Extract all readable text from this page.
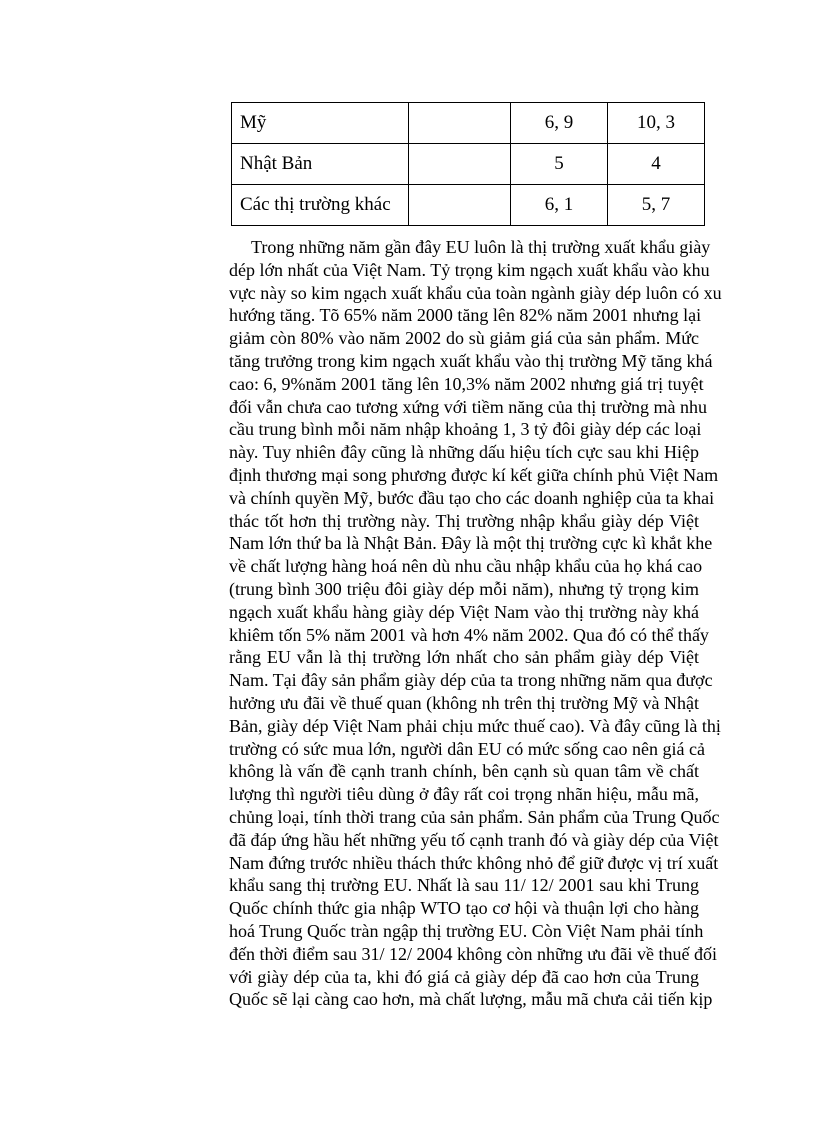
Mỹ		6, 9	10, 3
Nhật Bản		5	4
Các thị trường khác		6, 1	5, 7
Trong những năm gần đây EU luôn là thị trường xuất khẩu giày
dép lớn nhất của Việt Nam. Tỷ trọng kim ngạch xuất khẩu vào khu
vực này so kim ngạch xuất khẩu của toàn ngành giày dép luôn có xu
hướng tăng. Tõ 65% năm 2000 tăng lên 82% năm 2001 nhưng lại
giảm còn 80% vào năm 2002 do sù giảm giá của sản phẩm. Mức
tăng trưởng trong kim ngạch xuất khẩu vào thị trường Mỹ tăng khá
cao: 6, 9%năm 2001 tăng lên 10,3% năm 2002 nhưng giá trị tuyệt
đối vẫn chưa cao tương xứng với tiềm năng của thị trường mà nhu
cầu trung bình mỗi năm nhập khoảng 1, 3 tỷ đôi giày dép các loại
này. Tuy nhiên đây cũng là những dấu hiệu tích cực sau khi Hiệp
định thương mại song phương được kí kết giữa chính phủ Việt Nam
và chính quyền Mỹ, bước đầu tạo cho các doanh nghiệp của ta khai
thác tốt hơn thị trường này. Thị trường nhập khẩu giày dép Việt
Nam lớn thứ ba là Nhật Bản. Đây là một thị trường cực kì khắt khe
về chất lượng hàng hoá nên dù nhu cầu nhập khẩu của họ khá cao
(trung bình 300 triệu đôi giày dép mỗi năm), nhưng tỷ trọng kim
ngạch xuất khẩu hàng giày dép Việt Nam vào thị trường này khá
khiêm tốn 5% năm 2001 và hơn 4% năm 2002. Qua đó có thể thấy
rằng EU vẫn là thị trường lớn nhất cho sản phẩm giày dép Việt
Nam. Tại đây sản phẩm giày dép của ta trong những năm qua được
hưởng ưu đãi về thuế quan (không nh trên thị trường Mỹ và Nhật
Bản, giày dép Việt Nam phải chịu mức thuế cao). Và đây cũng là thị
trường có sức mua lớn, người dân EU có mức sống cao nên giá cả
không là vấn đề cạnh tranh chính, bên cạnh sù quan tâm về chất
lượng thì người tiêu dùng ở đây rất coi trọng nhãn hiệu, mẫu mã,
chủng loại, tính thời trang của sản phẩm. Sản phẩm của Trung Quốc
đã đáp ứng hầu hết những yếu tố cạnh tranh đó và giày dép của Việt
Nam đứng trước nhiều thách thức không nhỏ để giữ được vị trí xuất
khẩu sang thị trường EU. Nhất là sau 11/ 12/ 2001 sau khi Trung
Quốc chính thức gia nhập WTO tạo cơ hội và thuận lợi cho hàng
hoá Trung Quốc tràn ngập thị trường EU. Còn Việt Nam phải tính
đến thời điểm sau 31/ 12/ 2004 không còn những ưu đãi về thuế đối
với giày dép của ta, khi đó giá cả giày dép đã cao hơn của Trung
Quốc sẽ lại càng cao hơn, mà chất lượng, mẫu mã chưa cải tiến kịp
